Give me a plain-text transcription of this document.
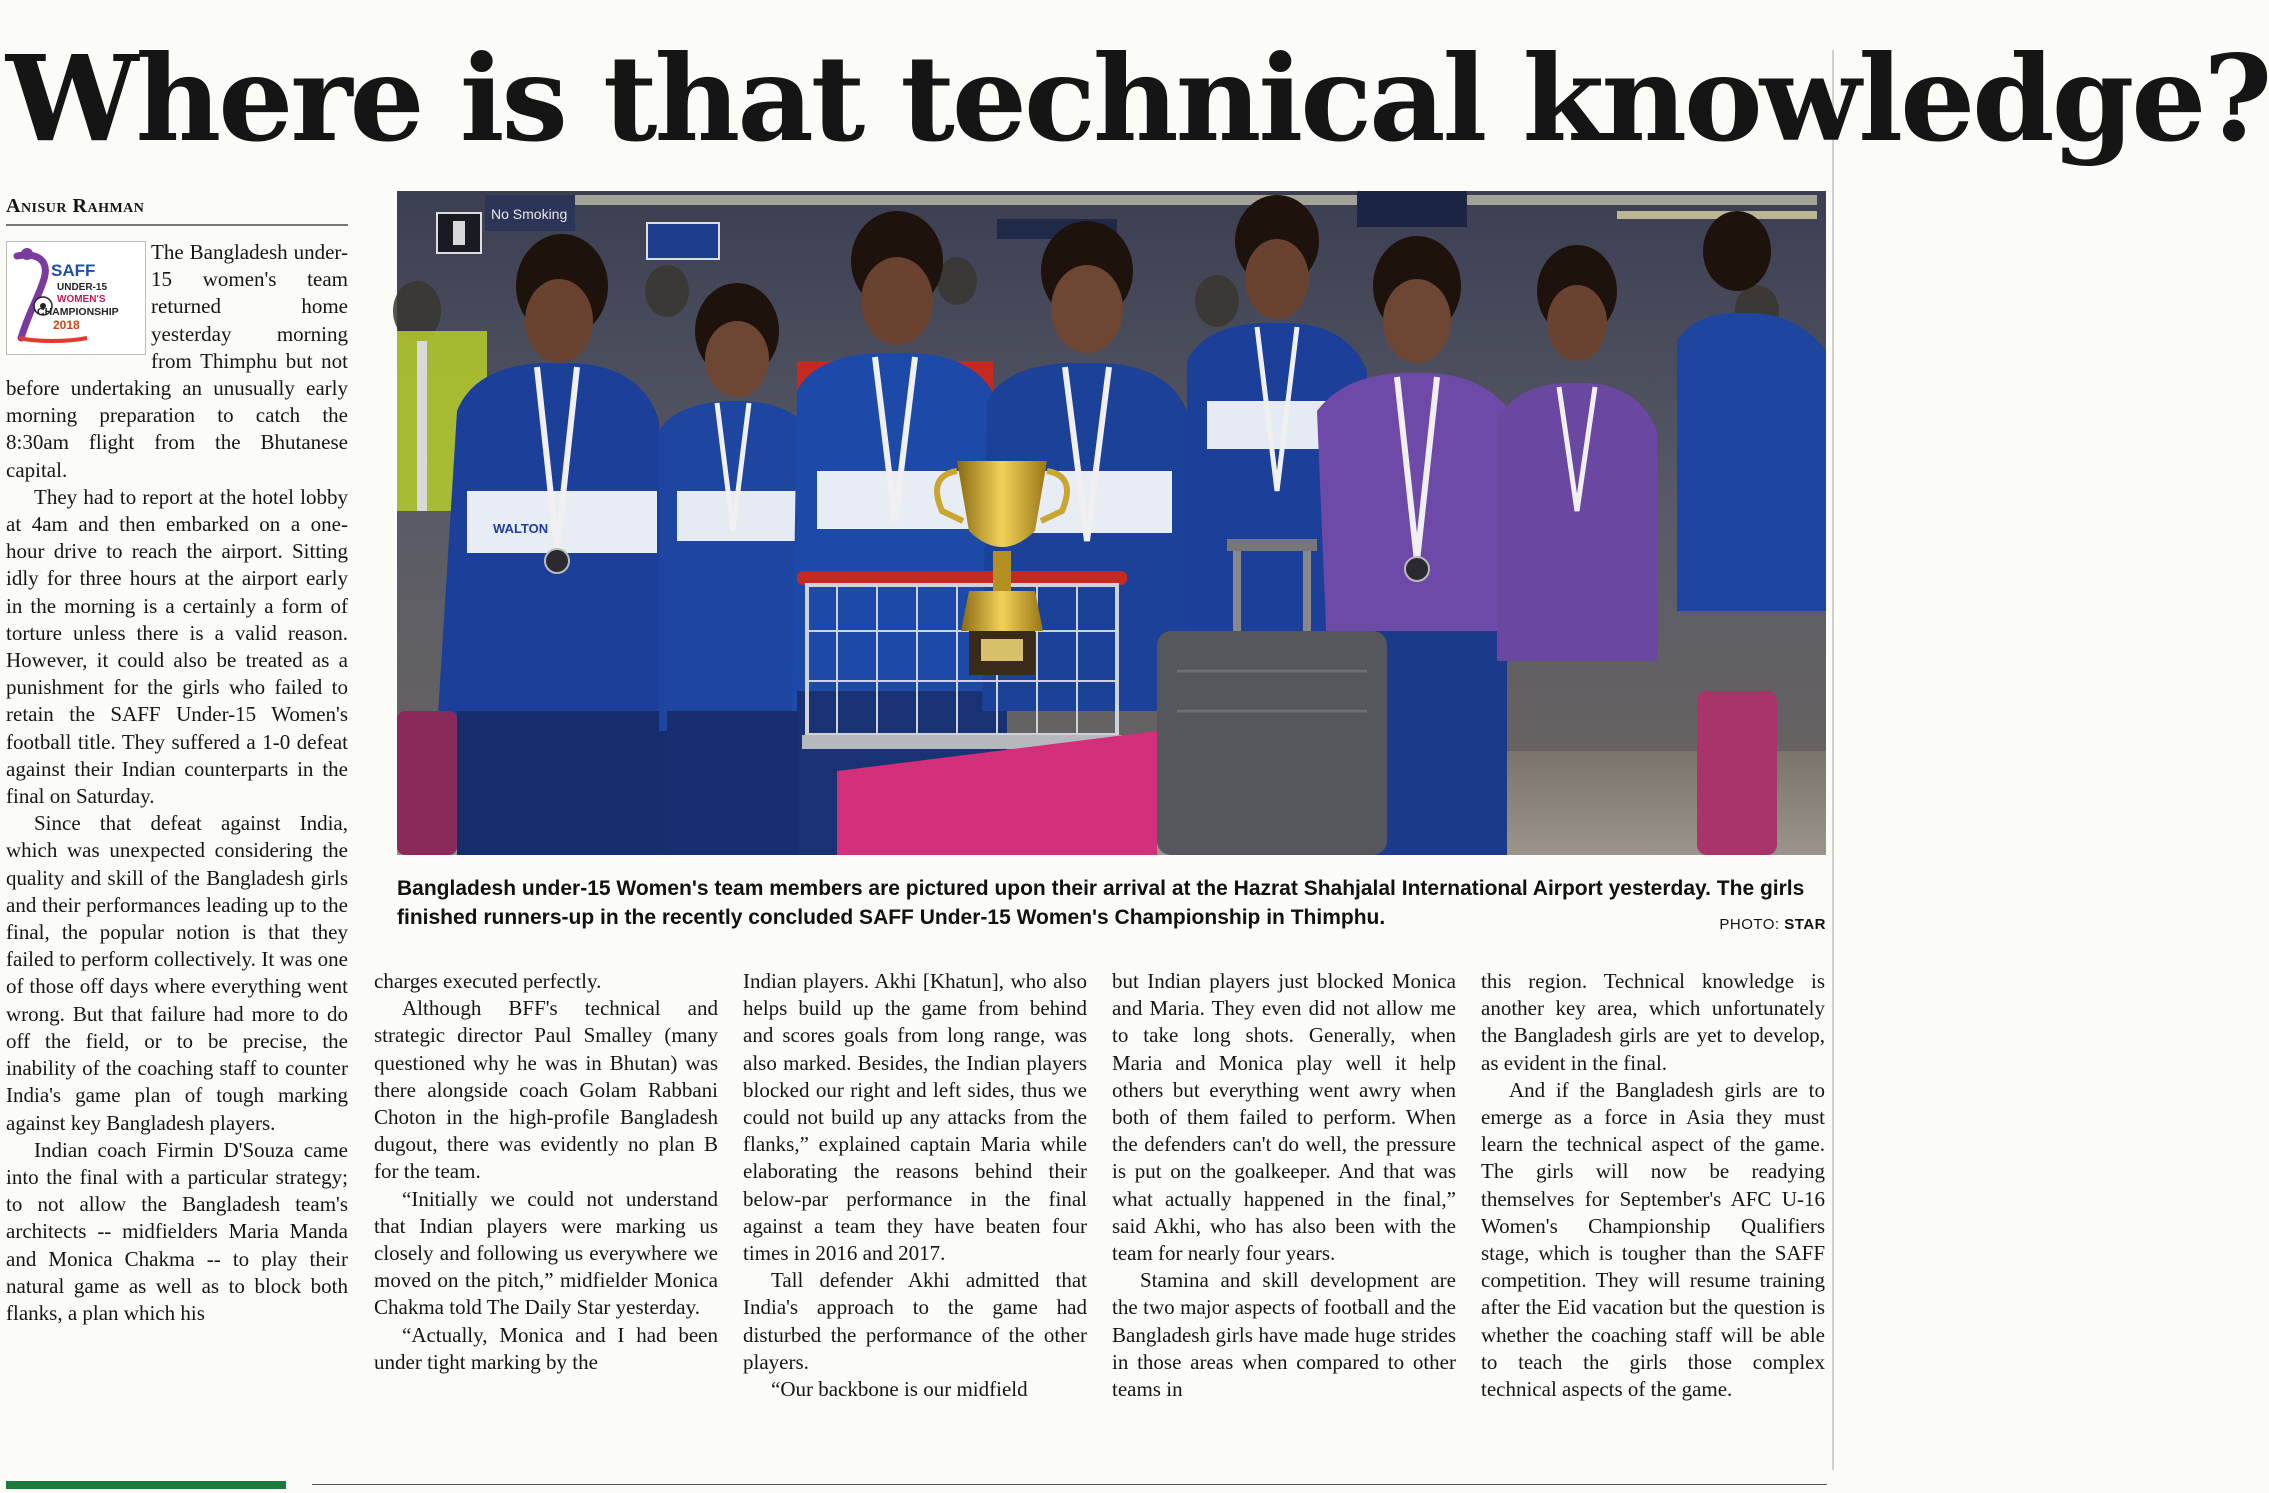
Where is that technical knowledge?
Anisur Rahman
SAFF
UNDER-15
WOMEN'S
CHAMPIONSHIP
2018

The Bangladesh under-15 women's team returned home yesterday morning from Thimphu but not before undertaking an unusually early morning preparation to catch the 8:30am flight from the Bhutanese capital.

They had to report at the hotel lobby at 4am and then embarked on a one-hour drive to reach the airport. Sitting idly for three hours at the airport early in the morning is a certainly a form of torture unless there is a valid reason. However, it could also be treated as a punishment for the girls who failed to retain the SAFF Under-15 Women's football title. They suffered a 1-0 defeat against their Indian counterparts in the final on Saturday.

Since that defeat against India, which was unexpected considering the quality and skill of the Bangladesh girls and their performances leading up to the final, the popular notion is that they failed to perform collectively. It was one of those off days where everything went wrong. But that failure had more to do off the field, or to be precise, the inability of the coaching staff to counter India's game plan of tough marking against key Bangladesh players.

Indian coach Firmin D'Souza came into the final with a particular strategy; to not allow the Bangladesh team's architects -- midfielders Maria Manda and Monica Chakma -- to play their natural game as well as to block both flanks, a plan which his

No Smoking
WALTON
Bangladesh under-15 Women's team members are pictured upon their arrival at the Hazrat Shahjalal International Airport yesterday. The girls finished runners-up in the recently concluded SAFF Under-15 Women's Championship in Thimphu.	PHOTO: STAR

charges executed perfectly.

Although BFF's technical and strategic director Paul Smalley (many questioned why he was in Bhutan) was there alongside coach Golam Rabbani Choton in the high-profile Bangladesh dugout, there was evidently no plan B for the team.

“Initially we could not understand that Indian players were marking us closely and following us everywhere we moved on the pitch,” midfielder Monica Chakma told The Daily Star yesterday.

“Actually, Monica and I had been under tight marking by the

Indian players. Akhi [Khatun], who also helps build up the game from behind and scores goals from long range, was also marked. Besides, the Indian players blocked our right and left sides, thus we could not build up any attacks from the flanks,” explained captain Maria while elaborating the reasons behind their below-par performance in the final against a team they have beaten four times in 2016 and 2017.

Tall defender Akhi admitted that India's approach to the game had disturbed the performance of the other players.

“Our backbone is our midfield

but Indian players just blocked Monica and Maria. They even did not allow me to take long shots. Generally, when Maria and Monica play well it help others but everything went awry when both of them failed to perform. When the defenders can't do well, the pressure is put on the goalkeeper. And that was what actually happened in the final,” said Akhi, who has also been with the team for nearly four years.

Stamina and skill development are the two major aspects of football and the Bangladesh girls have made huge strides in those areas when compared to other teams in

this region. Technical knowledge is another key area, which unfortunately the Bangladesh girls are yet to develop, as evident in the final.

And if the Bangladesh girls are to emerge as a force in Asia they must learn the technical aspect of the game. The girls will now be readying themselves for September's AFC U-16 Women's Championship Qualifiers stage, which is tougher than the SAFF competition. They will resume training after the Eid vacation but the question is whether the coaching staff will be able to teach the girls those complex technical aspects of the game.
